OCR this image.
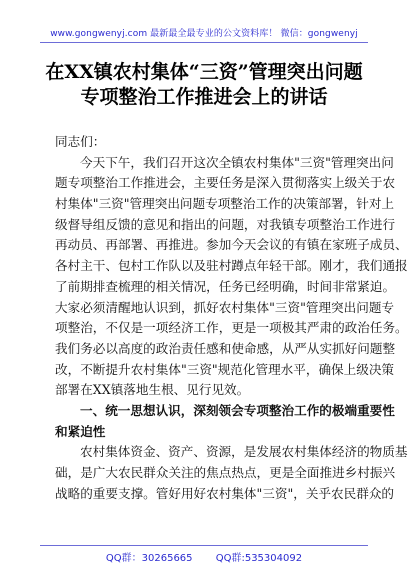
www.gongwenyj.com 最新最全最专业的公文资料库！ 微信：gongwenyj
在XX镇农村集体“三资”管理突出问题
专项整治工作推进会上的讲话
同志们：
今天下午，我们召开这次全镇农村集体"三资"管理突出问
题专项整治工作推进会，主要任务是深入贯彻落实上级关于农
村集体"三资"管理突出问题专项整治工作的决策部署，针对上
级督导组反馈的意见和指出的问题，对我镇专项整治工作进行
再动员、再部署、再推进。参加今天会议的有镇在家班子成员、
各村主干、包村工作队以及驻村蹲点年轻干部。刚才，我们通报
了前期排查梳理的相关情况，任务已经明确，时间非常紧迫。
大家必须清醒地认识到，抓好农村集体"三资"管理突出问题专
项整治，不仅是一项经济工作，更是一项极其严肃的政治任务。
我们务必以高度的政治责任感和使命感，从严从实抓好问题整
改，不断提升农村集体"三资"规范化管理水平，确保上级决策
部署在XX镇落地生根、见行见效。
一、统一思想认识，深刻领会专项整治工作的极端重要性
和紧迫性
农村集体资金、资产、资源，是发展农村集体经济的物质基
础，是广大农民群众关注的焦点热点，更是全面推进乡村振兴
战略的重要支撑。管好用好农村集体"三资"，关乎农民群众的
QQ群：30265665 QQ群:535304092
